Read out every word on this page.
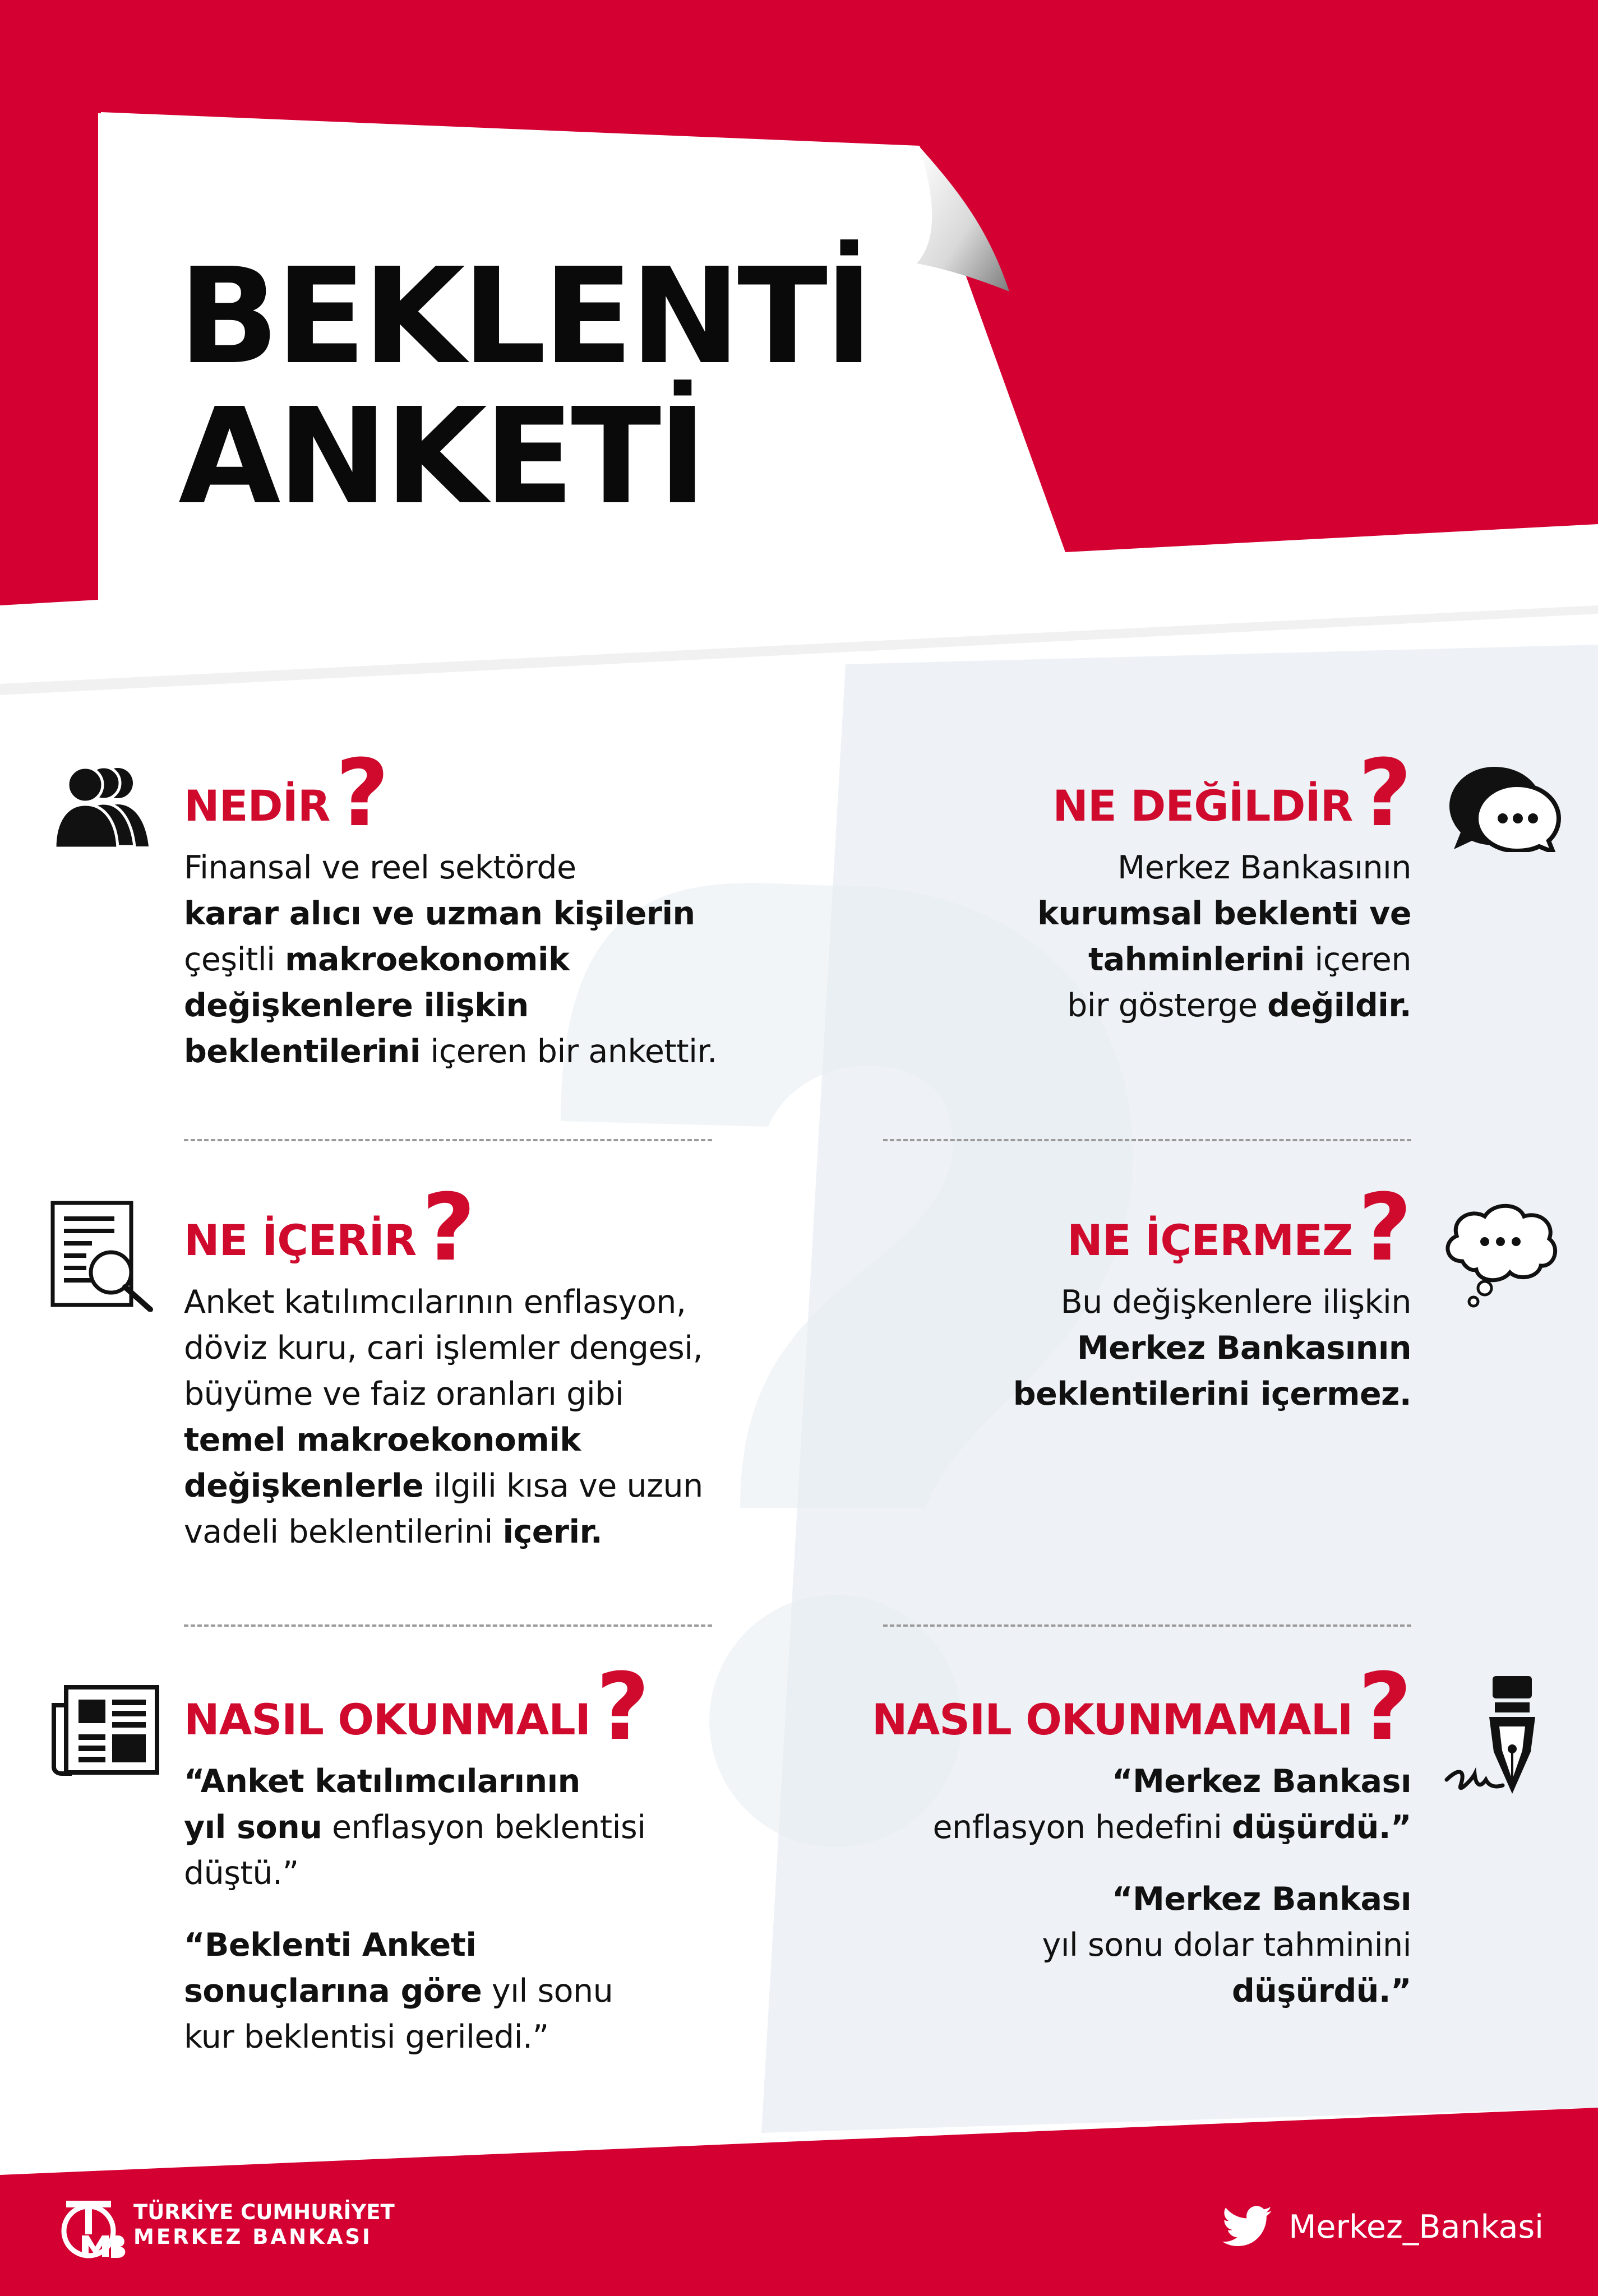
BEKLENTİ
ANKETİ
NEDİR?

Finansal ve reel sektörde

karar alıcı ve uzman kişilerin

çeşitli makroekonomik

değişkenlere ilişkin

beklentilerini içeren bir ankettir.

NE DEĞİLDİR?

Merkez Bankasının

kurumsal beklenti ve

tahminlerini içeren

bir gösterge değildir.

NE İÇERİR?

Anket katılımcılarının enflasyon,

döviz kuru, cari işlemler dengesi,

büyüme ve faiz oranları gibi

temel makroekonomik

değişkenlerle ilgili kısa ve uzun

vadeli beklentilerini içerir.

NE İÇERMEZ?

Bu değişkenlere ilişkin

Merkez Bankasının

beklentilerini içermez.

NASIL OKUNMALI?

“Anket katılımcılarının

yıl sonu enflasyon beklentisi

düştü.”

“Beklenti Anketi

sonuçlarına göre yıl sonu

kur beklentisi geriledi.”

NASIL OKUNMAMALI?

“Merkez Bankası

enflasyon hedefini düşürdü.”

“Merkez Bankası

yıl sonu dolar tahminini

düşürdü.”

TÜRKİYE CUMHURİYET
MERKEZ BANKASI	Merkez_Bankasi
